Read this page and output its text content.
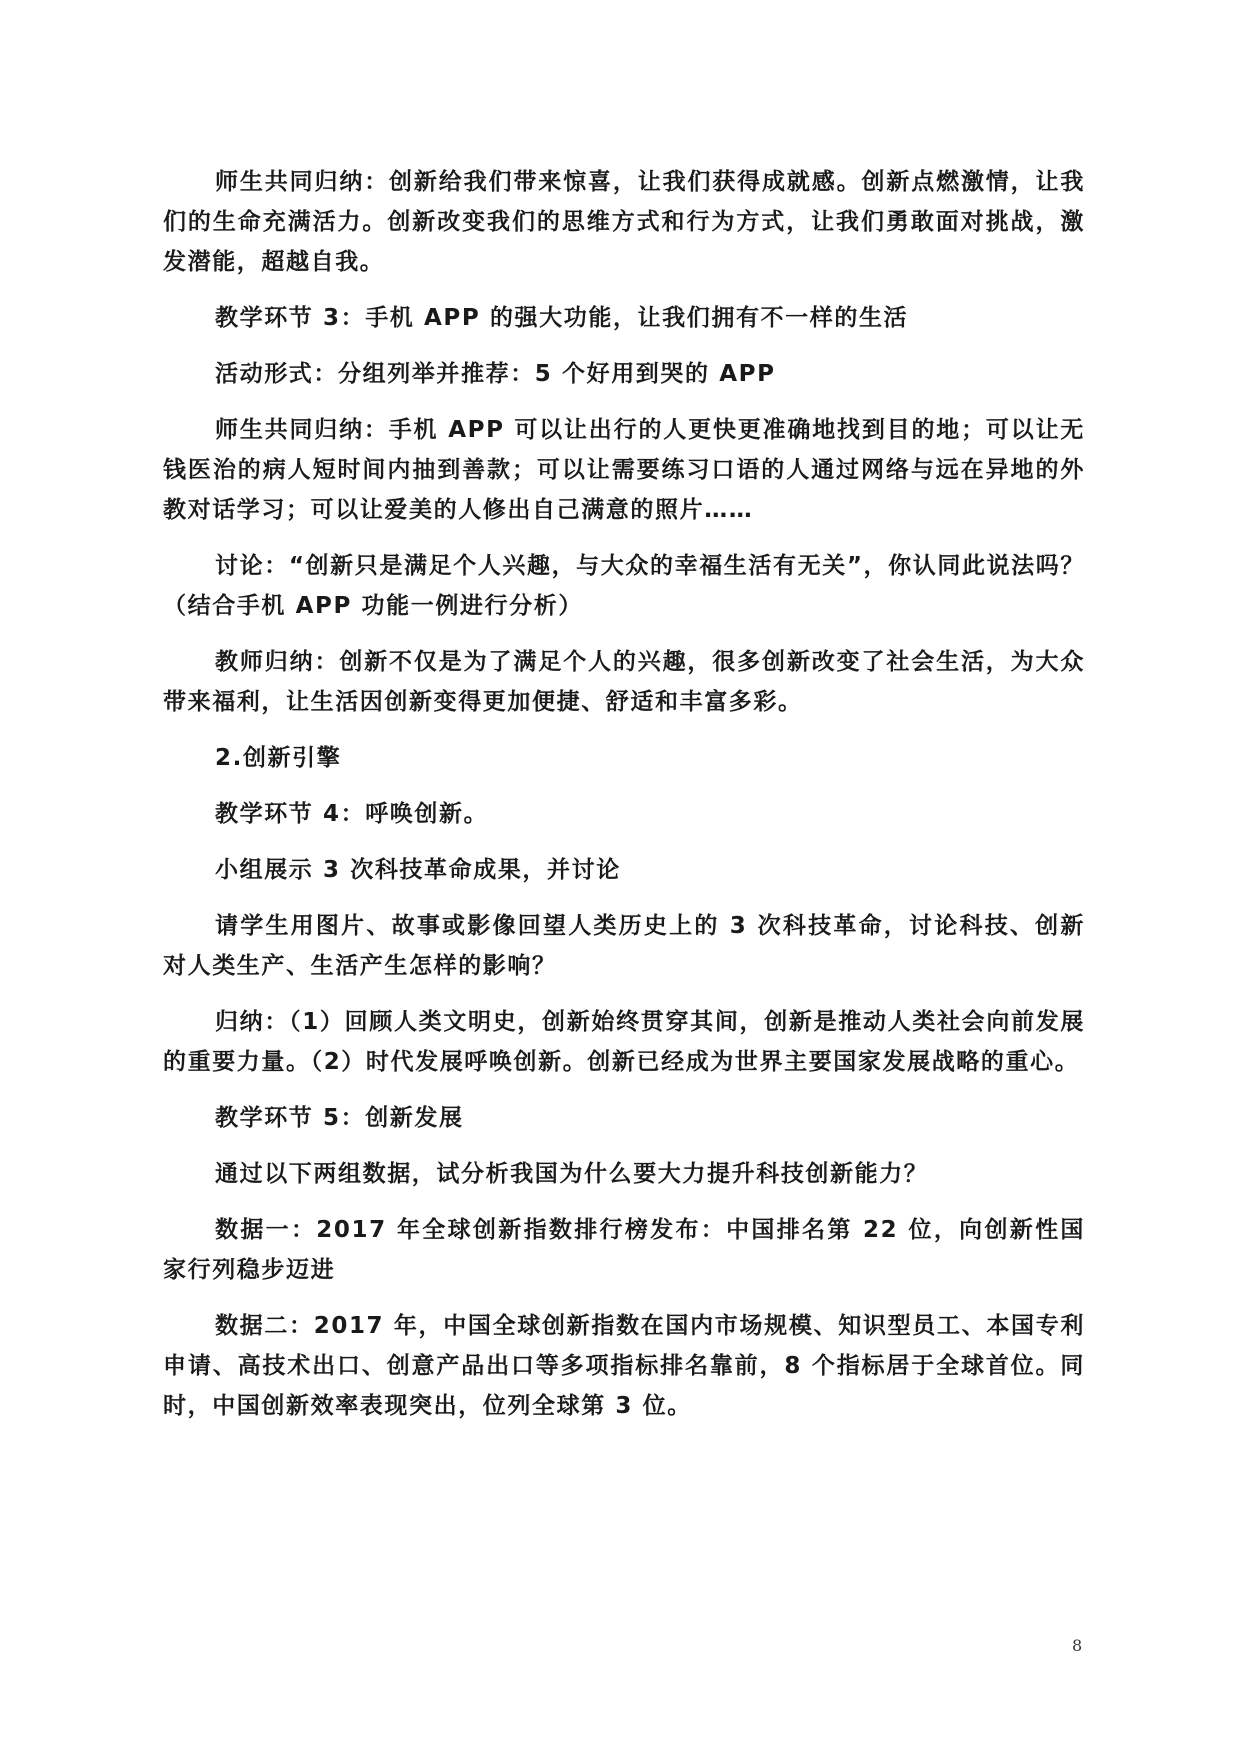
师生共同归纳：创新给我们带来惊喜，让我们获得成就感。创新点燃激情，让我们的生命充满活力。创新改变我们的思维方式和行为方式，让我们勇敢面对挑战，激发潜能，超越自我。

教学环节 3：手机 APP 的强大功能，让我们拥有不一样的生活

活动形式：分组列举并推荐：5 个好用到哭的 APP

师生共同归纳：手机 APP 可以让出行的人更快更准确地找到目的地；可以让无钱医治的病人短时间内抽到善款；可以让需要练习口语的人通过网络与远在异地的外教对话学习；可以让爱美的人修出自己满意的照片……

讨论：“创新只是满足个人兴趣，与大众的幸福生活有无关”，你认同此说法吗？（结合手机 APP 功能一例进行分析）

教师归纳：创新不仅是为了满足个人的兴趣，很多创新改变了社会生活，为大众带来福利，让生活因创新变得更加便捷、舒适和丰富多彩。

2.创新引擎

教学环节 4：呼唤创新。

小组展示 3 次科技革命成果，并讨论

请学生用图片、故事或影像回望人类历史上的 3 次科技革命，讨论科技、创新对人类生产、生活产生怎样的影响？

归纳：（1）回顾人类文明史，创新始终贯穿其间，创新是推动人类社会向前发展的重要力量。（2）时代发展呼唤创新。创新已经成为世界主要国家发展战略的重心。

教学环节 5：创新发展

通过以下两组数据，试分析我国为什么要大力提升科技创新能力？

数据一：2017 年全球创新指数排行榜发布：中国排名第 22 位，向创新性国家行列稳步迈进

数据二：2017 年，中国全球创新指数在国内市场规模、知识型员工、本国专利申请、高技术出口、创意产品出口等多项指标排名靠前，8 个指标居于全球首位。同时，中国创新效率表现突出，位列全球第 3 位。

8
